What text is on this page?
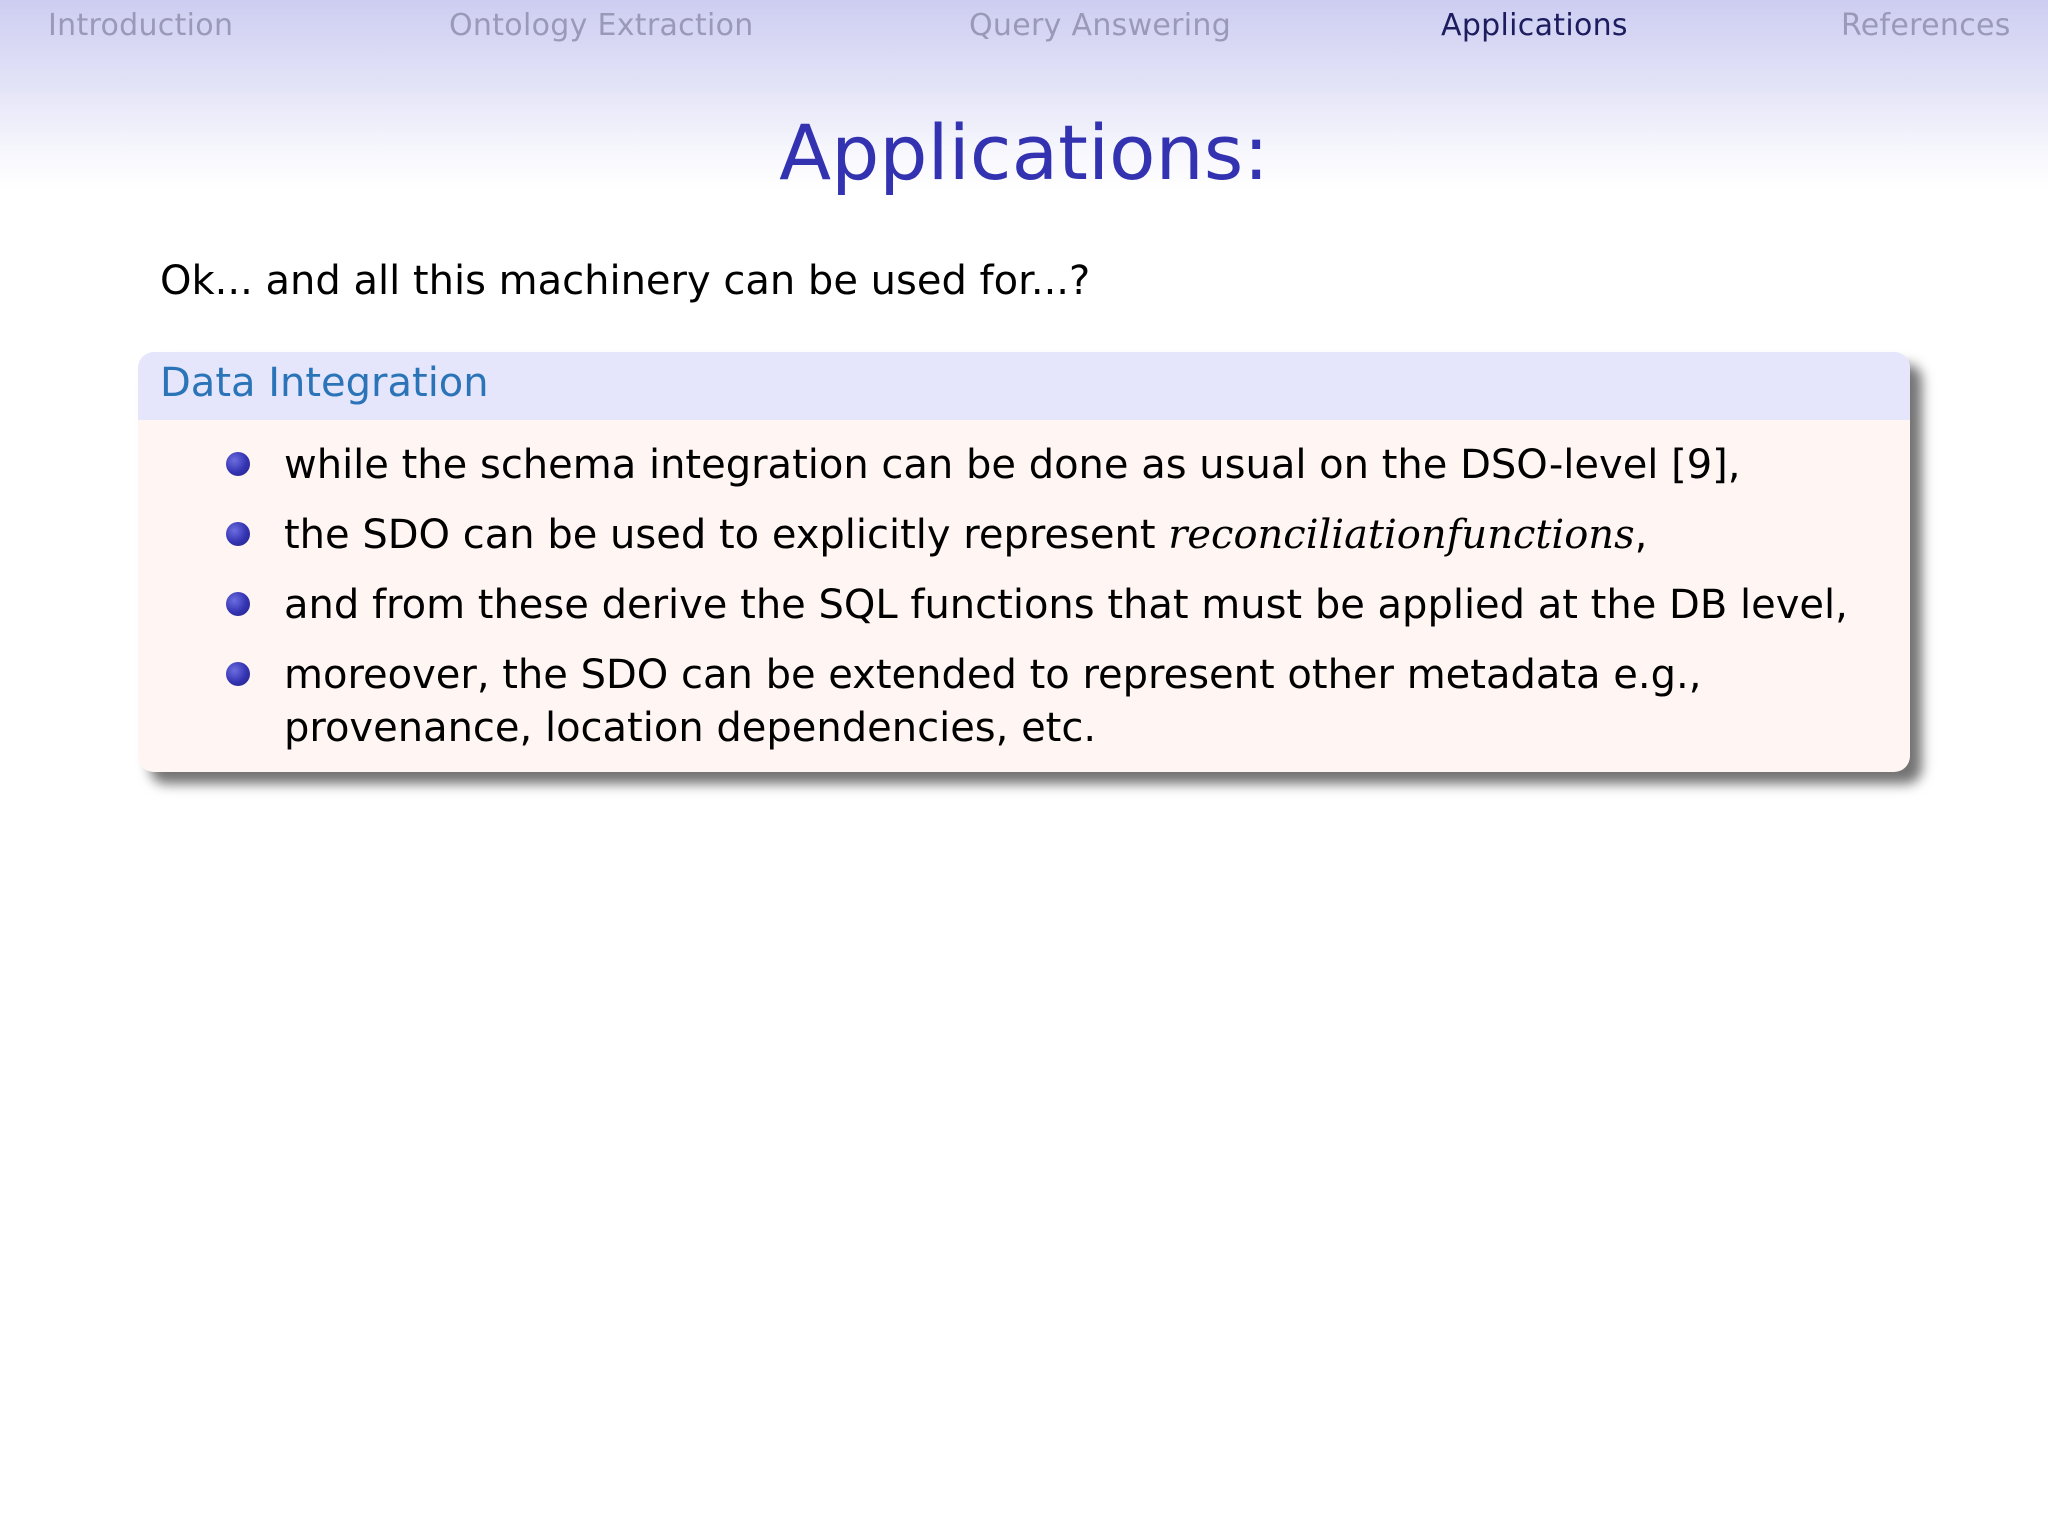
Introduction	Ontology Extraction	Query Answering	Applications	References
Applications:
Ok... and all this machinery can be used for...?
Data Integration
while the schema integration can be done as usual on the DSO-level [9],
the SDO can be used to explicitly represent reconciliationfunctions,
and from these derive the SQL functions that must be applied at the DB level,
moreover, the SDO can be extended to represent other metadata e.g.,
provenance, location dependencies, etc.
